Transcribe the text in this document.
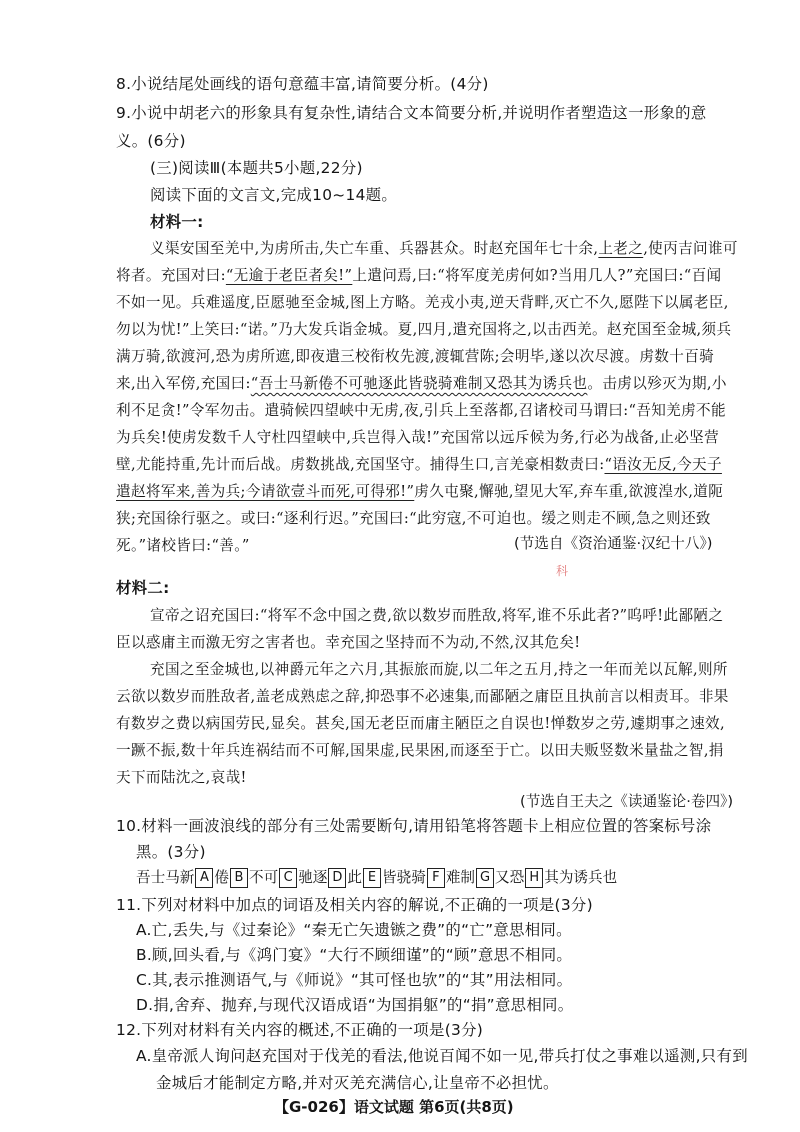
8.小说结尾处画线的语句意蕴丰富,请简要分析。(4分)
9.小说中胡老六的形象具有复杂性,请结合文本简要分析,并说明作者塑造这一形象的意
义。(6分)
(三)阅读Ⅲ(本题共5小题,22分)
阅读下面的文言文,完成10~14题。
材料一:
义渠安国至羌中,为虏所击,失亡车重、兵器甚众。时赵充国年七十余,上老之,使丙吉问谁可
将者。充国对曰:“无逾于老臣者矣!”上遣问焉,曰:“将军度羌虏何如?当用几人?”充国曰:“百闻
不如一见。兵难遥度,臣愿驰至金城,图上方略。羌戎小夷,逆天背畔,灭亡不久,愿陛下以属老臣,
勿以为忧!”上笑曰:“诺。”乃大发兵诣金城。夏,四月,遣充国将之,以击西羌。赵充国至金城,须兵
满万骑,欲渡河,恐为虏所遮,即夜遣三校衔枚先渡,渡辄营陈;会明毕,遂以次尽渡。虏数十百骑
来,出入军傍,充国曰:“吾士马新倦不可驰逐此皆骁骑难制又恐其为诱兵也。击虏以殄灭为期,小
利不足贪!”令军勿击。遣骑候四望峡中无虏,夜,引兵上至落都,召诸校司马谓曰:“吾知羌虏不能
为兵矣!使虏发数千人守杜四望峡中,兵岂得入哉!”充国常以远斥候为务,行必为战备,止必坚营
壁,尤能持重,先计而后战。虏数挑战,充国坚守。捕得生口,言羌豪相数责曰:“语汝无反,今天子
遣赵将军来,善为兵;今请欲壹斗而死,可得邪!”虏久屯聚,懈驰,望见大军,弃车重,欲渡湟水,道阨
狭;充国徐行驱之。或曰:“逐利行迟。”充国曰:“此穷寇,不可迫也。缓之则走不顾,急之则还致
死。”诸校皆曰:“善。”	(节选自《资治通鉴·汉纪十八》)
科
材料二:
宣帝之诏充国曰:“将军不念中国之费,欲以数岁而胜敌,将军,谁不乐此者?”呜呼!此鄙陋之
臣以惑庸主而激无穷之害者也。幸充国之坚持而不为动,不然,汉其危矣!
充国之至金城也,以神爵元年之六月,其振旅而旋,以二年之五月,持之一年而羌以瓦解,则所
云欲以数岁而胜敌者,盖老成熟虑之辞,抑恐事不必速集,而鄙陋之庸臣且执前言以相责耳。非果
有数岁之费以病国劳民,显矣。甚矣,国无老臣而庸主陋臣之自误也!惮数岁之劳,遽期事之速效,
一蹶不振,数十年兵连祸结而不可解,国果虚,民果困,而逐至于亡。以田夫贩竖数米量盐之智,捐
天下而陆沈之,哀哉!
(节选自王夫之《读通鉴论·卷四》)
10.材料一画波浪线的部分有三处需要断句,请用铅笔将答题卡上相应位置的答案标号涂
黑。(3分)
吾士马新 A 倦 B 不可 C 驰逐 D 此 E 皆骁骑 F 难制 G 又恐 H 其为诱兵也
11.下列对材料中加点的词语及相关内容的解说,不正确的一项是(3分)
A.亡,丢失,与《过秦论》“秦无亡矢遗镞之费”的“亡”意思相同。
B.顾,回头看,与《鸿门宴》“大行不顾细谨”的“顾”意思不相同。
C.其,表示推测语气,与《师说》“其可怪也欤”的“其”用法相同。
D.捐,舍弃、抛弃,与现代汉语成语“为国捐躯”的“捐”意思相同。
12.下列对材料有关内容的概述,不正确的一项是(3分)
A.皇帝派人询问赵充国对于伐羌的看法,他说百闻不如一见,带兵打仗之事难以遥测,只有到
【G-026】语文试题 第6页(共8页)
金城后才能制定方略,并对灭羌充满信心,让皇帝不必担忧。
